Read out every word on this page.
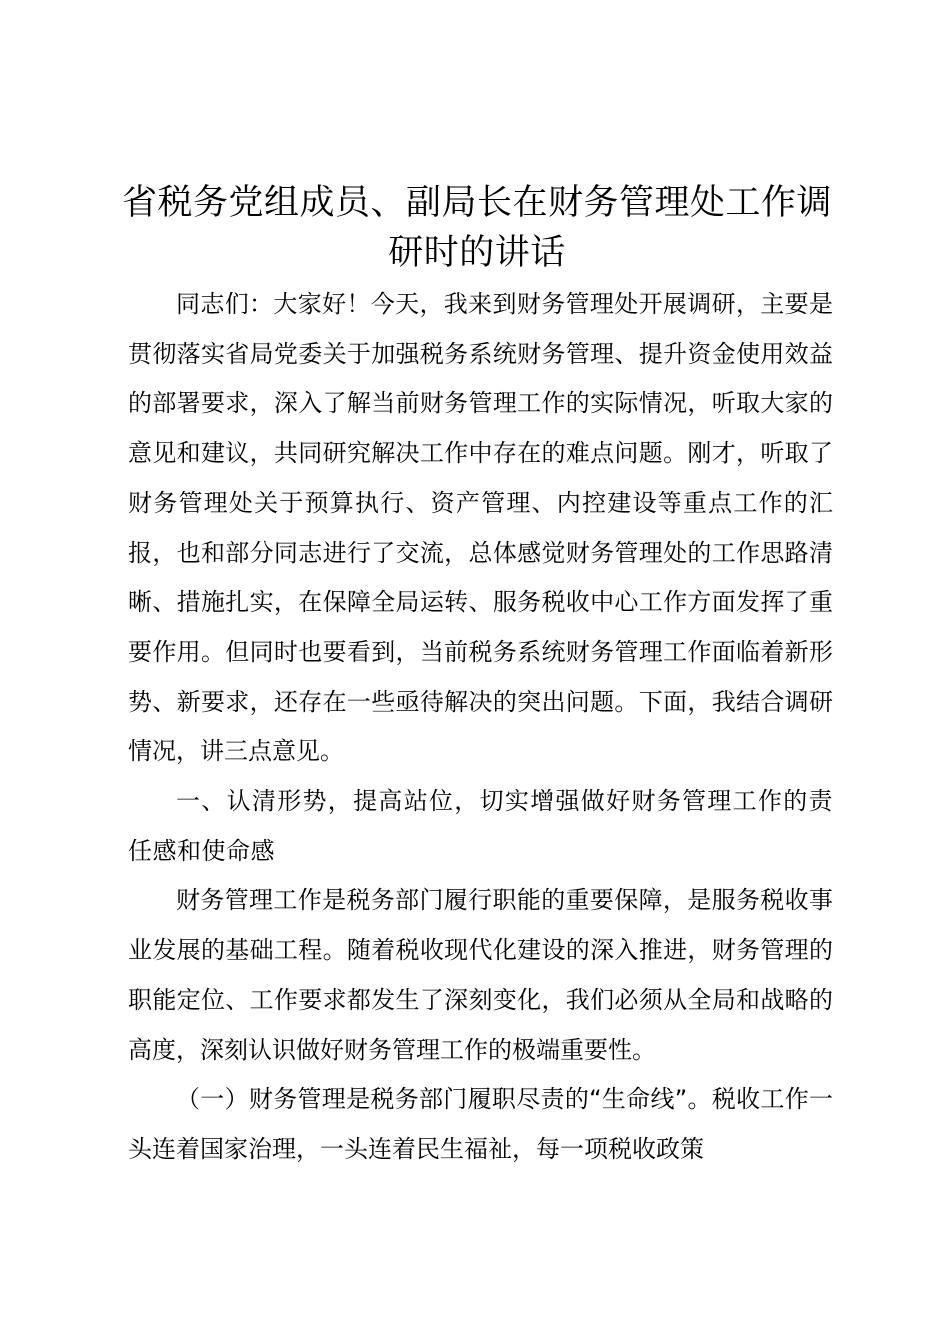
省税务党组成员、副局长在财务管理处工作调研时的讲话

同志们：大家好！今天，我来到财务管理处开展调研，主要是贯彻落实省局党委关于加强税务系统财务管理、提升资金使用效益的部署要求，深入了解当前财务管理工作的实际情况，听取大家的意见和建议，共同研究解决工作中存在的难点问题。刚才，听取了财务管理处关于预算执行、资产管理、内控建设等重点工作的汇报，也和部分同志进行了交流，总体感觉财务管理处的工作思路清晰、措施扎实，在保障全局运转、服务税收中心工作方面发挥了重要作用。但同时也要看到，当前税务系统财务管理工作面临着新形势、新要求，还存在一些亟待解决的突出问题。下面，我结合调研情况，讲三点意见。

一、认清形势，提高站位，切实增强做好财务管理工作的责任感和使命感

财务管理工作是税务部门履行职能的重要保障，是服务税收事业发展的基础工程。随着税收现代化建设的深入推进，财务管理的职能定位、工作要求都发生了深刻变化，我们必须从全局和战略的高度，深刻认识做好财务管理工作的极端重要性。

（一）财务管理是税务部门履职尽责的“生命线”。税收工作一头连着国家治理，一头连着民生福祉，每一项税收政策
